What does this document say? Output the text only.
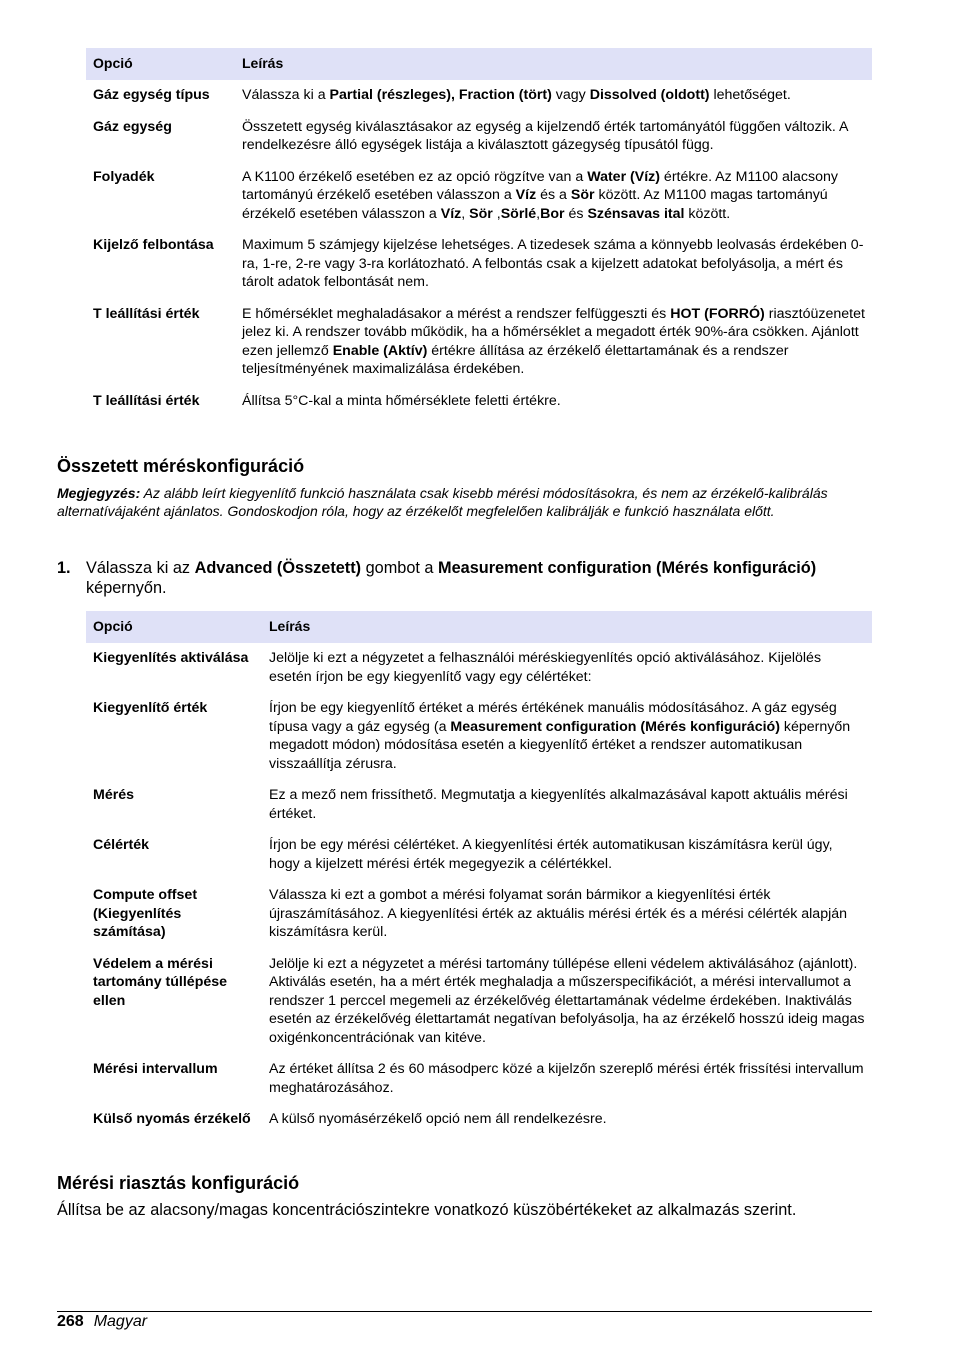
Opció	Leírás
Gáz egység típus	Válassza ki a Partial (részleges), Fraction (tört) vagy Dissolved (oldott) lehetőséget.
Gáz egység	Összetett egység kiválasztásakor az egység a kijelzendő érték tartományától függően változik. A rendelkezésre álló egységek listája a kiválasztott gázegység típusától függ.
Folyadék	A K1100 érzékelő esetében ez az opció rögzítve van a Water (Víz) értékre. Az M1100 alacsony tartományú érzékelő esetében válasszon a Víz és a Sör között. Az M1100 magas tartományú érzékelő esetében válasszon a Víz, Sör ,Sörlé,Bor és Szénsavas ital között.
Kijelző felbontása	Maximum 5 számjegy kijelzése lehetséges. A tizedesek száma a könnyebb leolvasás érdekében 0-ra, 1-re, 2-re vagy 3-ra korlátozható. A felbontás csak a kijelzett adatokat befolyásolja, a mért és tárolt adatok felbontását nem.
T leállítási érték	E hőmérséklet meghaladásakor a mérést a rendszer felfüggeszti és HOT (FORRÓ) riasztóüzenetet jelez ki. A rendszer tovább működik, ha a hőmérséklet a megadott érték 90%-ára csökken. Ajánlott ezen jellemző Enable (Aktív) értékre állítása az érzékelő élettartamának és a rendszer teljesítményének maximalizálása érdekében.
T leállítási érték	Állítsa 5°C-kal a minta hőmérséklete feletti értékre.
Összetett méréskonfiguráció

Megjegyzés: Az alább leírt kiegyenlítő funkció használata csak kisebb mérési módosításokra, és nem az érzékelő-kalibrálás alternatívájaként ajánlatos. Gondoskodjon róla, hogy az érzékelőt megfelelően kalibrálják e funkció használata előtt.

1. Válassza ki az Advanced (Összetett) gombot a Measurement configuration (Mérés konfiguráció) képernyőn.
Opció	Leírás
Kiegyenlítés aktiválása	Jelölje ki ezt a négyzetet a felhasználói méréskiegyenlítés opció aktiválásához. Kijelölés esetén írjon be egy kiegyenlítő vagy egy célértéket:
Kiegyenlítő érték	Írjon be egy kiegyenlítő értéket a mérés értékének manuális módosításához. A gáz egység típusa vagy a gáz egység (a Measurement configuration (Mérés konfiguráció) képernyőn megadott módon) módosítása esetén a kiegyenlítő értéket a rendszer automatikusan visszaállítja zérusra.
Mérés	Ez a mező nem frissíthető. Megmutatja a kiegyenlítés alkalmazásával kapott aktuális mérési értéket.
Célérték	Írjon be egy mérési célértéket. A kiegyenlítési érték automatikusan kiszámításra kerül úgy, hogy a kijelzett mérési érték megegyezik a célértékkel.
Compute offset (Kiegyenlítés számítása)	Válassza ki ezt a gombot a mérési folyamat során bármikor a kiegyenlítési érték újraszámításához. A kiegyenlítési érték az aktuális mérési érték és a mérési célérték alapján kiszámításra kerül.
Védelem a mérési tartomány túllépése ellen	Jelölje ki ezt a négyzetet a mérési tartomány túllépése elleni védelem aktiválásához (ajánlott). Aktiválás esetén, ha a mért érték meghaladja a műszerspecifikációt, a mérési intervallumot a rendszer 1 perccel megemeli az érzékelővég élettartamának védelme érdekében. Inaktiválás esetén az érzékelővég élettartamát negatívan befolyásolja, ha az érzékelő hosszú ideig magas oxigénkoncentrációnak van kitéve.
Mérési intervallum	Az értéket állítsa 2 és 60 másodperc közé a kijelzőn szereplő mérési érték frissítési intervallum meghatározásához.
Külső nyomás érzékelő	A külső nyomásérzékelő opció nem áll rendelkezésre.
Mérési riasztás konfiguráció

Állítsa be az alacsony/magas koncentrációszintekre vonatkozó küszöbértékeket az alkalmazás szerint.

268 Magyar
